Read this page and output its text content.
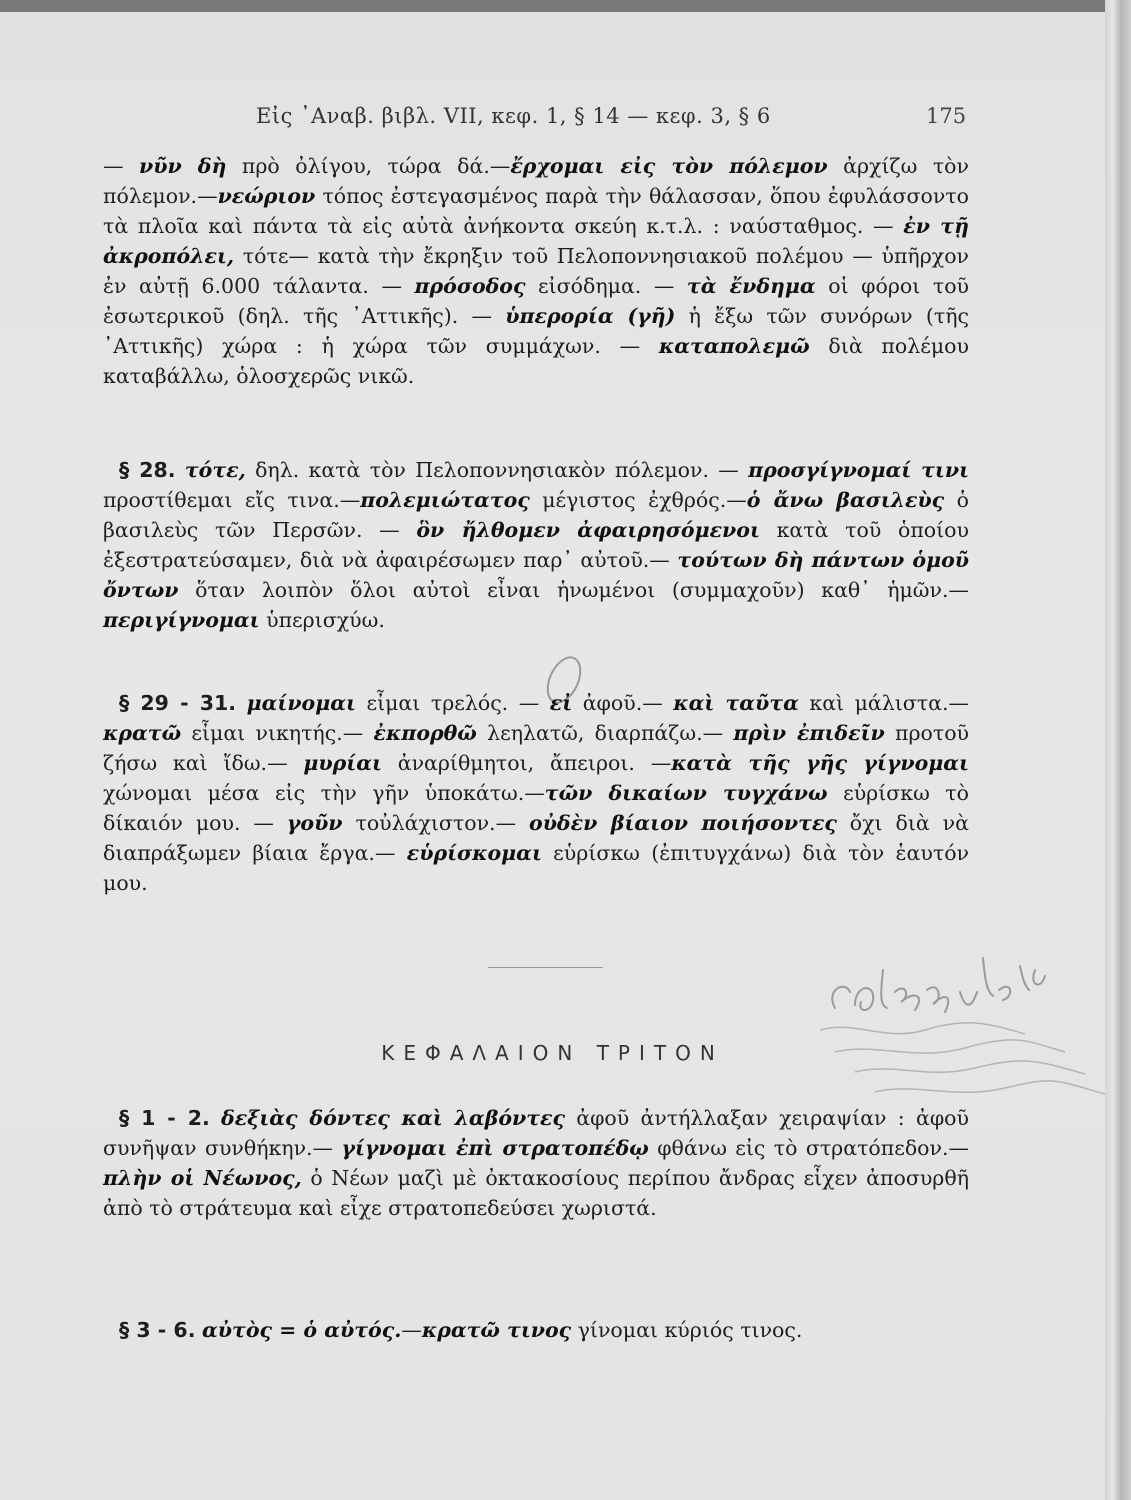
Εἰς ᾿Αναβ. βιβλ. VII, κεφ. 1, § 14 — κεφ. 3, § 6	175

— νῦν δὴ πρὸ ὀλίγου, τώρα δά.—ἔρχομαι εἰς τὸν πόλεμον ἀρχίζω τὸν πόλεμον.—νεώριον τόπος ἐστεγασμένος παρὰ τὴν θάλασσαν, ὅπου ἐφυλάσσοντο τὰ πλοῖα καὶ πάντα τὰ εἰς αὐτὰ ἀνήκοντα σκεύη κ.τ.λ. : ναύσταθμος. — ἐν τῇ ἀκροπόλει, τότε— κατὰ τὴν ἔκρηξιν τοῦ Πελοποννησιακοῦ πολέμου — ὑπῆρχον ἐν αὐτῇ 6.000 τάλαντα. — πρόσοδος εἰσόδημα. — τὰ ἔνδημα οἱ φόροι τοῦ ἐσωτερικοῦ (δηλ. τῆς ᾿Αττικῆς). — ὑπερορία (γῆ) ἡ ἔξω τῶν συνόρων (τῆς ᾿Αττικῆς) χώρα : ἡ χώρα τῶν συμμάχων. — καταπολεμῶ διὰ πολέμου καταβάλλω, ὁλοσχερῶς νικῶ.

§ 28. τότε, δηλ. κατὰ τὸν Πελοποννησιακὸν πόλεμον. — προσγίγνομαί τινι προστίθεμαι εἴς τινα.—πολεμιώτατος μέγιστος ἐχθρός.—ὁ ἄνω βασιλεὺς ὁ βασιλεὺς τῶν Περσῶν. — ὃν ἤλθομεν ἀφαιρησόμενοι κατὰ τοῦ ὁποίου ἐξεστρατεύσαμεν, διὰ νὰ ἀφαιρέσωμεν παρ᾿ αὐτοῦ.— τούτων δὴ πάντων ὁμοῦ ὄντων ὅταν λοιπὸν ὅλοι αὐτοὶ εἶναι ἡνωμένοι (συμμαχοῦν) καθ᾿ ἡμῶν.—περιγίγνομαι ὑπερισχύω.

§ 29 - 31. μαίνομαι εἶμαι τρελός. — εἰ ἀφοῦ.— καὶ ταῦτα καὶ μάλιστα.— κρατῶ εἶμαι νικητής.— ἐκπορθῶ λεηλατῶ, διαρπάζω.— πρὶν ἐπιδεῖν προτοῦ ζήσω καὶ ἴδω.— μυρίαι ἀναρίθμητοι, ἄπειροι. —κατὰ τῆς γῆς γίγνομαι χώνομαι μέσα εἰς τὴν γῆν ὑποκάτω.—τῶν δικαίων τυγχάνω εὑρίσκω τὸ δίκαιόν μου. — γοῦν τοὐλάχιστον.— οὐδὲν βίαιον ποιήσοντες ὄχι διὰ νὰ διαπράξωμεν βίαια ἔργα.— εὑρίσκομαι εὑρίσκω (ἐπιτυγχάνω) διὰ τὸν ἑαυτόν μου.

ΚΕΦΑΛΑΙΟΝ ΤΡΙΤΟΝ

§ 1 - 2. δεξιὰς δόντες καὶ λαβόντες ἀφοῦ ἀντήλλαξαν χειραψίαν : ἀφοῦ συνῆψαν συνθήκην.— γίγνομαι ἐπὶ στρατοπέδῳ φθάνω εἰς τὸ στρατόπεδον.—πλὴν οἱ Νέωνος, ὁ Νέων μαζὶ μὲ ὀκτακοσίους περίπου ἄνδρας εἶχεν ἀποσυρθῆ ἀπὸ τὸ στράτευμα καὶ εἶχε στρατοπεδεύσει χωριστά.

§ 3 - 6. αὐτὸς = ὁ αὐτός.—κρατῶ τινος γίνομαι κύριός τινος.
